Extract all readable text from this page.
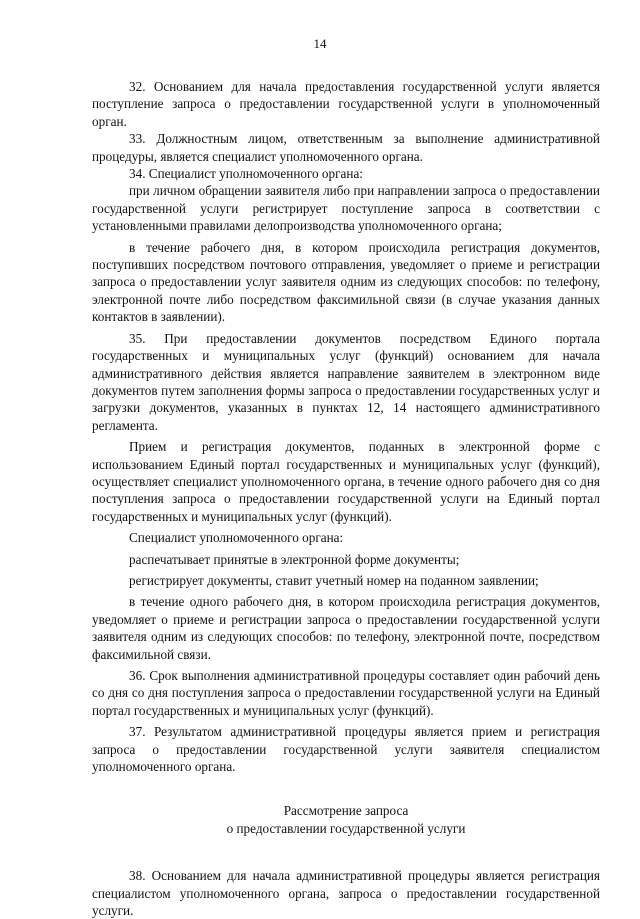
14

32. Основанием для начала предоставления государственной услуги является поступление запроса о предоставлении государственной услуги в уполномоченный орган.

33. Должностным лицом, ответственным за выполнение административной процедуры, является специалист уполномоченного органа.

34. Специалист уполномоченного органа:

при личном обращении заявителя либо при направлении запроса о предоставлении государственной услуги регистрирует поступление запроса в соответствии с установленными правилами делопроизводства уполномоченного органа;

в течение рабочего дня, в котором происходила регистрация документов, поступивших посредством почтового отправления, уведомляет о приеме и регистрации запроса о предоставлении услуг заявителя одним из следующих способов: по телефону, электронной почте либо посредством факсимильной связи (в случае указания данных контактов в заявлении).

35. При предоставлении документов посредством Единого портала государственных и муниципальных услуг (функций) основанием для начала административного действия является направление заявителем в электронном виде документов путем заполнения формы запроса о предоставлении государственных услуг и загрузки документов, указанных в пунктах 12, 14 настоящего административного регламента.

Прием и регистрация документов, поданных в электронной форме с использованием Единый портал государственных и муниципальных услуг (функций), осуществляет специалист уполномоченного органа, в течение одного рабочего дня со дня поступления запроса о предоставлении государственной услуги на Единый портал государственных и муниципальных услуг (функций).

Специалист уполномоченного органа:

распечатывает принятые в электронной форме документы;

регистрирует документы, ставит учетный номер на поданном заявлении;

в течение одного рабочего дня, в котором происходила регистрация документов, уведомляет о приеме и регистрации запроса о предоставлении государственной услуги заявителя одним из следующих способов: по телефону, электронной почте, посредством факсимильной связи.

36. Срок выполнения административной процедуры составляет один рабочий день со дня со дня поступления запроса о предоставлении государственной услуги на Единый портал государственных и муниципальных услуг (функций).

37. Результатом административной процедуры является прием и регистрация запроса о предоставлении государственной услуги заявителя специалистом уполномоченного органа.

Рассмотрение запроса
о предоставлении государственной услуги

38. Основанием для начала административной процедуры является регистрация специалистом уполномоченного органа, запроса о предоставлении государственной услуги.
